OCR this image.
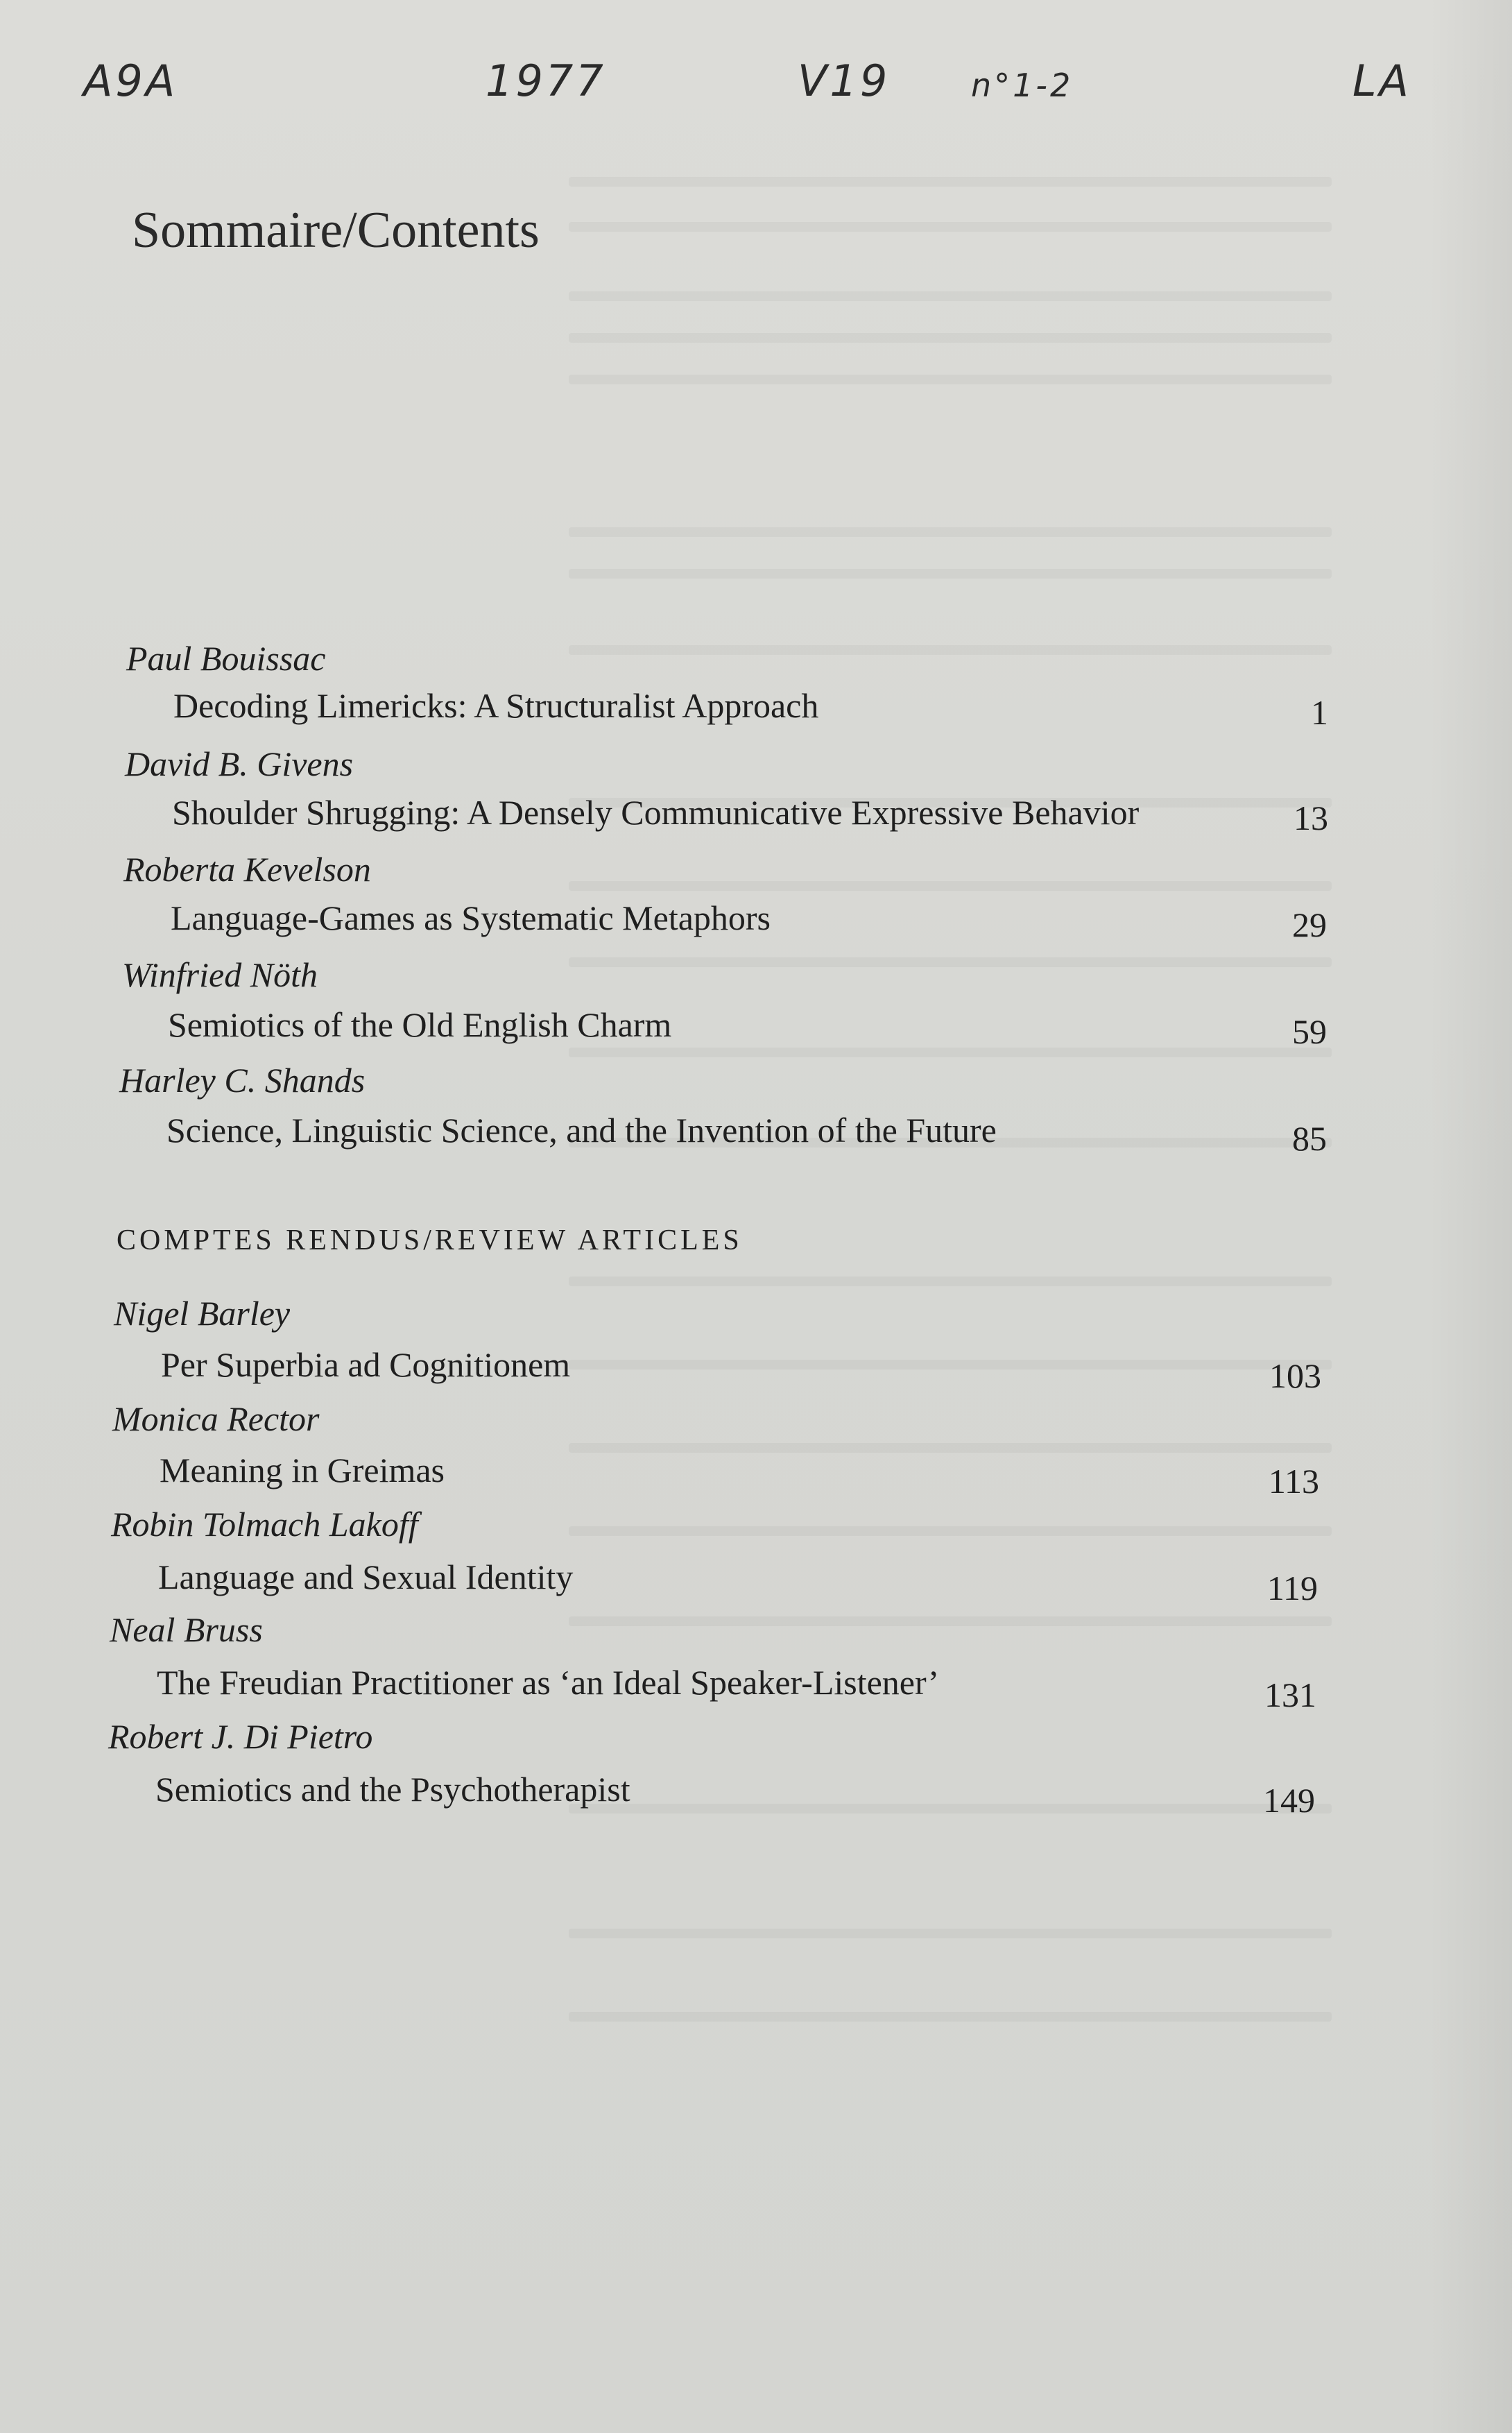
A9A	1977	V19	n°1-2	LA
Sommaire/Contents
Paul Bouissac
Decoding Limericks: A Structuralist Approach	1
David B. Givens
Shoulder Shrugging: A Densely Communicative Expressive Behavior	13
Roberta Kevelson
Language-Games as Systematic Metaphors	29
Winfried Nöth
Semiotics of the Old English Charm	59
Harley C. Shands
Science, Linguistic Science, and the Invention of the Future	85
COMPTES RENDUS/REVIEW ARTICLES
Nigel Barley
Per Superbia ad Cognitionem	103
Monica Rector
Meaning in Greimas	113
Robin Tolmach Lakoff
Language and Sexual Identity	119
Neal Bruss
The Freudian Practitioner as ‘an Ideal Speaker-Listener’	131
Robert J. Di Pietro
Semiotics and the Psychotherapist	149
